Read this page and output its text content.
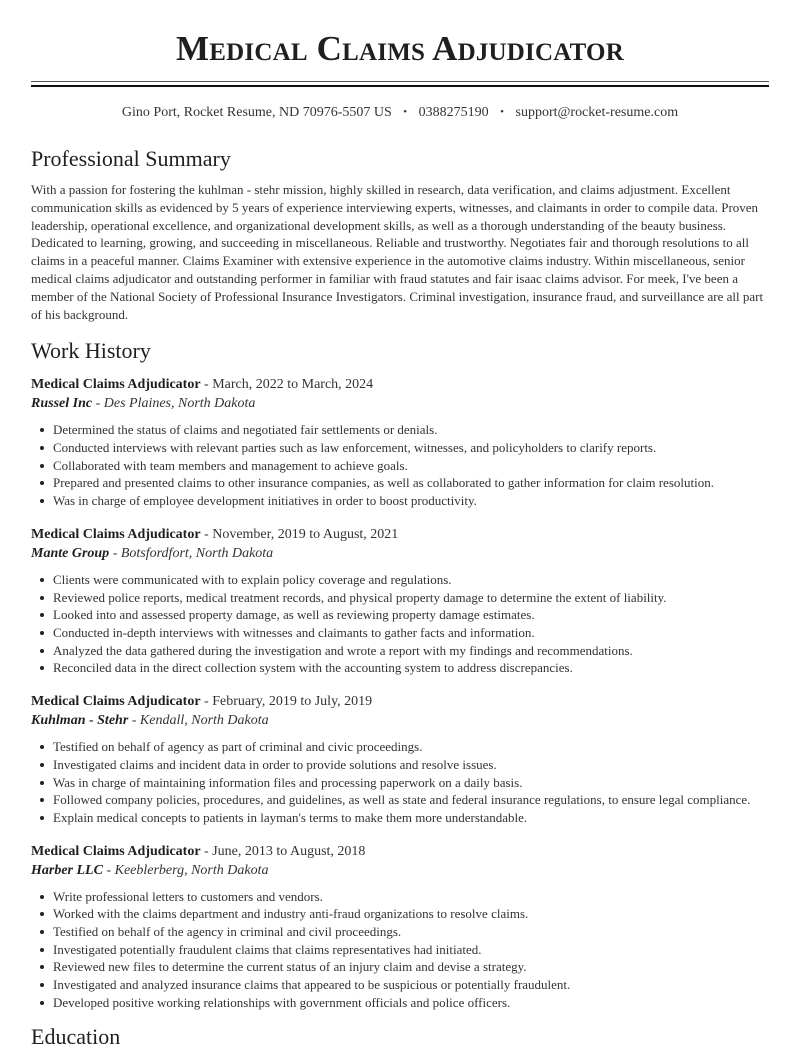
Medical Claims Adjudicator
Gino Port, Rocket Resume, ND 70976-5507 US • 0388275190 • support@rocket-resume.com
Professional Summary

With a passion for fostering the kuhlman - stehr mission, highly skilled in research, data verification, and claims adjustment. Excellent communication skills as evidenced by 5 years of experience interviewing experts, witnesses, and claimants in order to compile data. Proven leadership, operational excellence, and organizational development skills, as well as a thorough understanding of the beauty business. Dedicated to learning, growing, and succeeding in miscellaneous. Reliable and trustworthy. Negotiates fair and thorough resolutions to all claims in a peaceful manner. Claims Examiner with extensive experience in the automotive claims industry. Within miscellaneous, senior medical claims adjudicator and outstanding performer in familiar with fraud statutes and fair isaac claims advisor. For meek, I've been a member of the National Society of Professional Insurance Investigators. Criminal investigation, insurance fraud, and surveillance are all part of his background.

Work History
Medical Claims Adjudicator - March, 2022 to March, 2024
Russel Inc - Des Plaines, North Dakota
Determined the status of claims and negotiated fair settlements or denials.
Conducted interviews with relevant parties such as law enforcement, witnesses, and policyholders to clarify reports.
Collaborated with team members and management to achieve goals.
Prepared and presented claims to other insurance companies, as well as collaborated to gather information for claim resolution.
Was in charge of employee development initiatives in order to boost productivity.
Medical Claims Adjudicator - November, 2019 to August, 2021
Mante Group - Botsfordfort, North Dakota
Clients were communicated with to explain policy coverage and regulations.
Reviewed police reports, medical treatment records, and physical property damage to determine the extent of liability.
Looked into and assessed property damage, as well as reviewing property damage estimates.
Conducted in-depth interviews with witnesses and claimants to gather facts and information.
Analyzed the data gathered during the investigation and wrote a report with my findings and recommendations.
Reconciled data in the direct collection system with the accounting system to address discrepancies.
Medical Claims Adjudicator - February, 2019 to July, 2019
Kuhlman - Stehr - Kendall, North Dakota
Testified on behalf of agency as part of criminal and civic proceedings.
Investigated claims and incident data in order to provide solutions and resolve issues.
Was in charge of maintaining information files and processing paperwork on a daily basis.
Followed company policies, procedures, and guidelines, as well as state and federal insurance regulations, to ensure legal compliance.
Explain medical concepts to patients in layman's terms to make them more understandable.
Medical Claims Adjudicator - June, 2013 to August, 2018
Harber LLC - Keeblerberg, North Dakota
Write professional letters to customers and vendors.
Worked with the claims department and industry anti-fraud organizations to resolve claims.
Testified on behalf of the agency in criminal and civil proceedings.
Investigated potentially fraudulent claims that claims representatives had initiated.
Reviewed new files to determine the current status of an injury claim and devise a strategy.
Investigated and analyzed insurance claims that appeared to be suspicious or potentially fraudulent.
Developed positive working relationships with government officials and police officers.
Education
